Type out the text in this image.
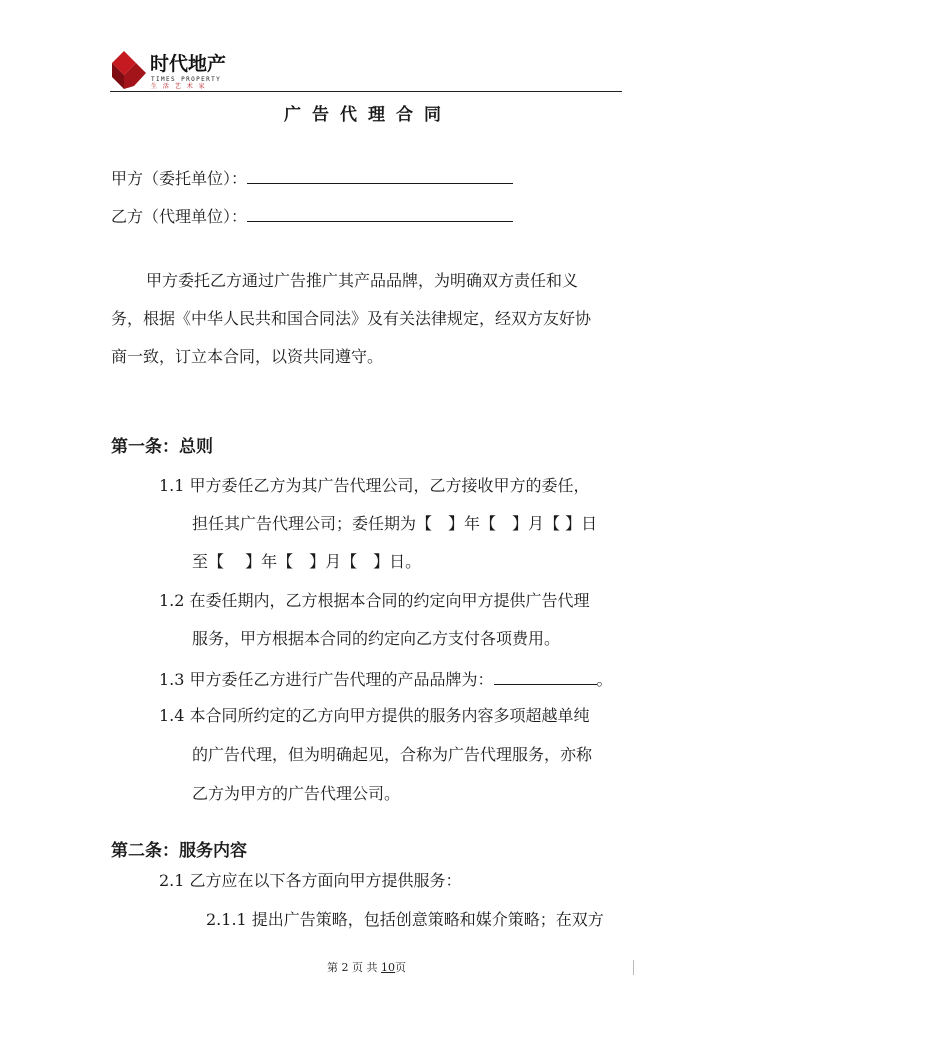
时代地产
TIMES PROPERTY
生 活 艺 术 家
广告代理合同
甲方（委托单位）：
乙方（代理单位）：
甲方委托乙方通过广告推广其产品品牌，为明确双方责任和义
务，根据《中华人民共和国合同法》及有关法律规定，经双方友好协
商一致，订立本合同，以资共同遵守。
第一条：总则
1.1 甲方委任乙方为其广告代理公司，乙方接收甲方的委任，
担任其广告代理公司；委任期为【　】年【　】月【 】日
至【　 】年【　】月【　】日。
1.2 在委任期内，乙方根据本合同的约定向甲方提供广告代理
服务，甲方根据本合同的约定向乙方支付各项费用。
1.3 甲方委任乙方进行广告代理的产品品牌为：	。
1.4 本合同所约定的乙方向甲方提供的服务内容多项超越单纯
的广告代理，但为明确起见，合称为广告代理服务，亦称
乙方为甲方的广告代理公司。
第二条：服务内容
2.1 乙方应在以下各方面向甲方提供服务：
2.1.1 提出广告策略，包括创意策略和媒介策略；在双方
第 2 页 共 10页
